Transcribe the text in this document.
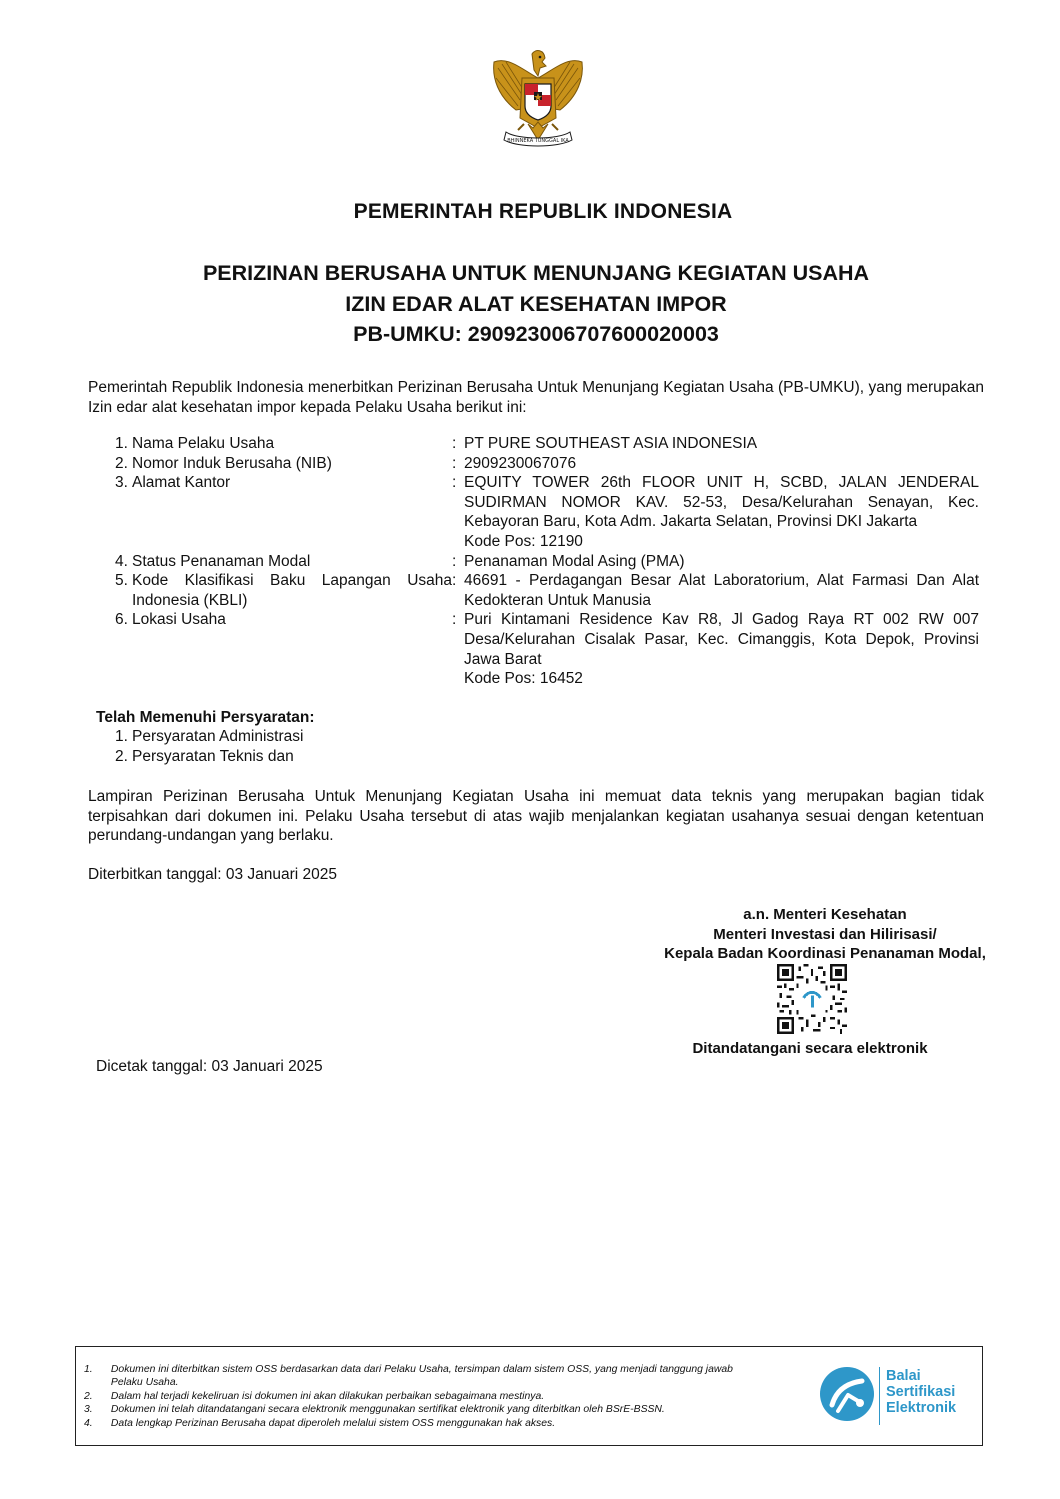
BHINNEKA TUNGGAL IKA
PEMERINTAH REPUBLIK INDONESIA
PERIZINAN BERUSAHA UNTUK MENUNJANG KEGIATAN USAHA
IZIN EDAR ALAT KESEHATAN IMPOR
PB-UMKU: 290923006707600020003
Pemerintah Republik Indonesia menerbitkan Perizinan Berusaha Untuk Menunjang Kegiatan Usaha (PB-UMKU), yang merupakan Izin edar alat kesehatan impor kepada Pelaku Usaha berikut ini:
1. Nama Pelaku Usaha	: PT PURE SOUTHEAST ASIA INDONESIA
2. Nomor Induk Berusaha (NIB)	: 2909230067076
3. Alamat Kantor	: EQUITY TOWER 26th FLOOR UNIT H, SCBD, JALAN JENDERAL
SUDIRMAN NOMOR KAV. 52-53, Desa/Kelurahan Senayan, Kec.
Kebayoran Baru, Kota Adm. Jakarta Selatan, Provinsi DKI Jakarta
Kode Pos: 12190
4. Status Penanaman Modal	: Penanaman Modal Asing (PMA)
5. Kode Klasifikasi Baku Lapangan Usaha
Indonesia (KBLI)
: 46691 - Perdagangan Besar Alat Laboratorium, Alat Farmasi Dan Alat
Kedokteran Untuk Manusia
6. Lokasi Usaha	: Puri Kintamani Residence Kav R8, Jl Gadog Raya RT 002 RW 007
Desa/Kelurahan Cisalak Pasar, Kec. Cimanggis, Kota Depok, Provinsi
Jawa Barat
Kode Pos: 16452
Telah Memenuhi Persyaratan:
1. Persyaratan Administrasi
2. Persyaratan Teknis dan
Lampiran Perizinan Berusaha Untuk Menunjang Kegiatan Usaha ini memuat data teknis yang merupakan bagian tidak terpisahkan dari dokumen ini. Pelaku Usaha tersebut di atas wajib menjalankan kegiatan usahanya sesuai dengan ketentuan perundang-undangan yang berlaku.
Diterbitkan tanggal: 03 Januari 2025
a.n. Menteri Kesehatan
Menteri Investasi dan Hilirisasi/
Kepala Badan Koordinasi Penanaman Modal,
Ditandatangani secara elektronik
Dicetak tanggal: 03 Januari 2025
1.	Dokumen ini diterbitkan sistem OSS berdasarkan data dari Pelaku Usaha, tersimpan dalam sistem OSS, yang menjadi tanggung jawab
Pelaku Usaha.
2.	Dalam hal terjadi kekeliruan isi dokumen ini akan dilakukan perbaikan sebagaimana mestinya.
3.	Dokumen ini telah ditandatangani secara elektronik menggunakan sertifikat elektronik yang diterbitkan oleh BSrE-BSSN.
4.	Data lengkap Perizinan Berusaha dapat diperoleh melalui sistem OSS menggunakan hak akses.
Balai
Sertifikasi
Elektronik
